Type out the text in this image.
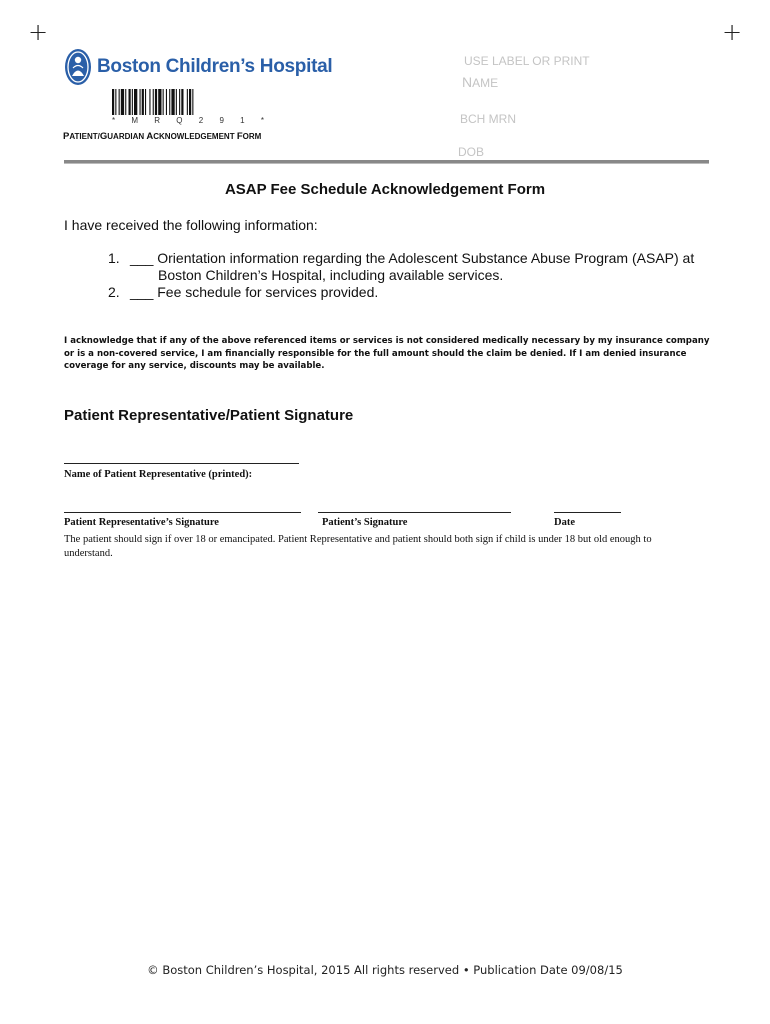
+	+
Boston Children’s Hospital
* M R Q 2 9 1 *
PATIENT/GUARDIAN ACKNOWLEDGEMENT FORM
USE LABEL OR PRINT
NAME
BCH MRN
DOB
ASAP Fee Schedule Acknowledgement Form
I have received the following information:
1. ___ Orientation information regarding the Adolescent Substance Abuse Program (ASAP) at
Boston Children’s Hospital, including available services.
2. ___ Fee schedule for services provided.
I acknowledge that if any of the above referenced items or services is not considered medically necessary by my insurance company or is a non-covered service, I am financially responsible for the full amount should the claim be denied. If I am denied insurance coverage for any service, discounts may be available.
Patient Representative/Patient Signature
Name of Patient Representative (printed):
Patient Representative’s Signature	Patient’s Signature	Date
The patient should sign if over 18 or emancipated. Patient Representative and patient should both sign if child is under 18 but old enough to understand.
© Boston Children’s Hospital, 2015 All rights reserved • Publication Date 09/08/15
